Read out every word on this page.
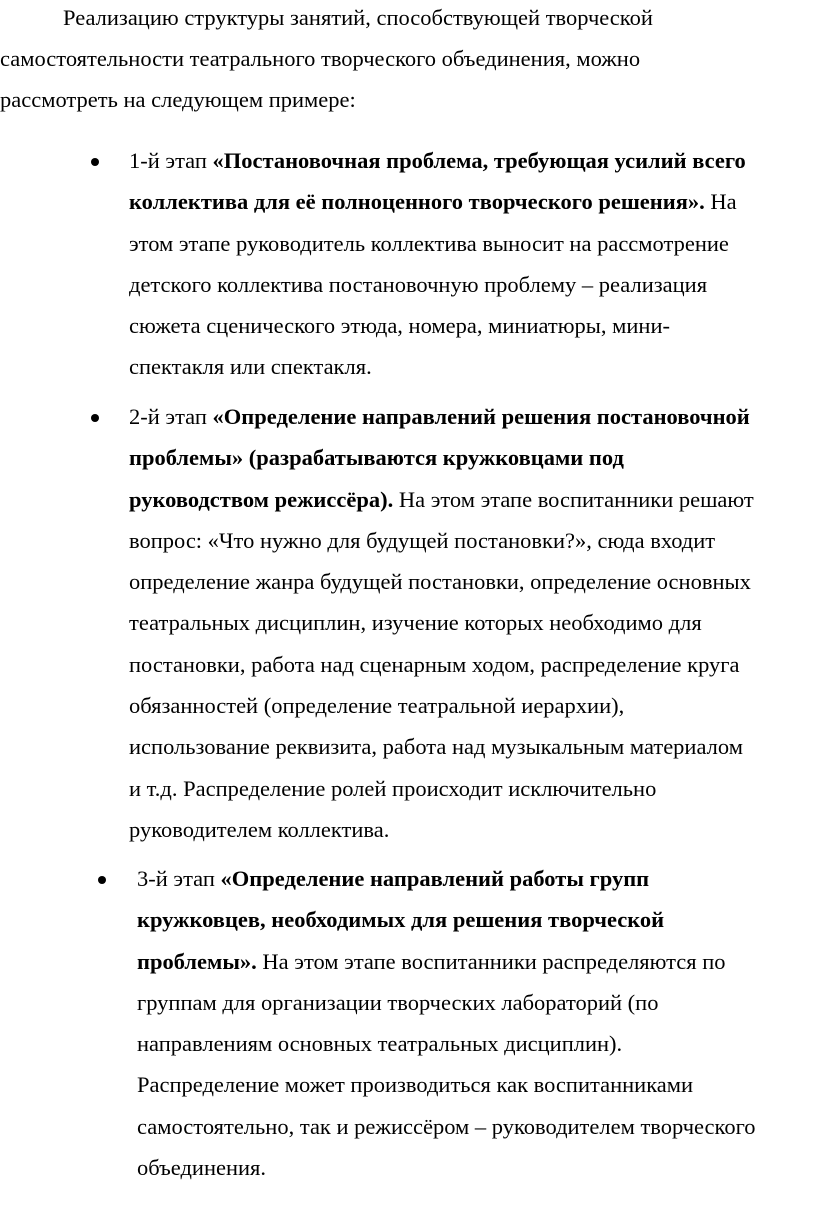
Реализацию структуры занятий, способствующей творческой
самостоятельности театрального творческого объединения, можно
рассмотреть на следующем примере:

1-й этап «Постановочная проблема, требующая усилий всего
коллектива для её полноценного творческого решения». На
этом этапе руководитель коллектива выносит на рассмотрение
детского коллектива постановочную проблему – реализация
сюжета сценического этюда, номера, миниатюры, мини-
спектакля или спектакля.
2-й этап «Определение направлений решения постановочной
проблемы» (разрабатываются кружковцами под
руководством режиссёра). На этом этапе воспитанники решают
вопрос: «Что нужно для будущей постановки?», сюда входит
определение жанра будущей постановки, определение основных
театральных дисциплин, изучение которых необходимо для
постановки, работа над сценарным ходом, распределение круга
обязанностей (определение театральной иерархии),
использование реквизита, работа над музыкальным материалом
и т.д. Распределение ролей происходит исключительно
руководителем коллектива.
3-й этап «Определение направлений работы групп
кружковцев, необходимых для решения творческой
проблемы». На этом этапе воспитанники распределяются по
группам для организации творческих лабораторий (по
направлениям основных театральных дисциплин).
Распределение может производиться как воспитанниками
самостоятельно, так и режиссёром – руководителем творческого
объединения.
